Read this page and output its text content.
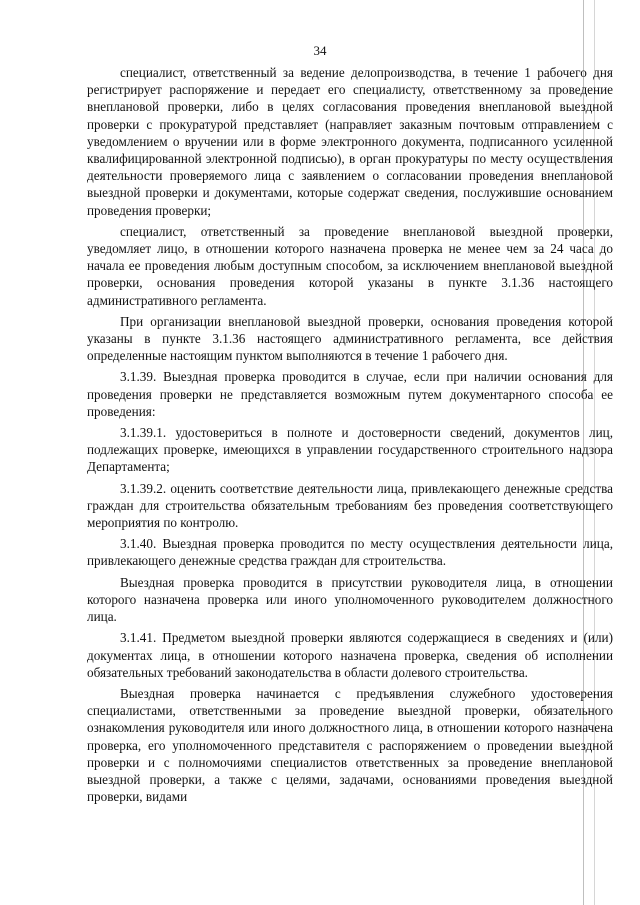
34

специалист, ответственный за ведение делопроизводства, в течение 1 рабочего дня регистрирует распоряжение и передает его специалисту, ответственному за проведение внеплановой проверки, либо в целях согласования проведения внеплановой выездной проверки с прокуратурой представляет (направляет заказным почтовым отправлением с уведомлением о вручении или в форме электронного документа, подписанного усиленной квалифицированной электронной подписью), в орган прокуратуры по месту осуществления деятельности проверяемого лица с заявлением о согласовании проведения внеплановой выездной проверки и документами, которые содержат сведения, послужившие основанием проведения проверки;

специалист, ответственный за проведение внеплановой выездной проверки, уведомляет лицо, в отношении которого назначена проверка не менее чем за 24 часа до начала ее проведения любым доступным способом, за исключением внеплановой выездной проверки, основания проведения которой указаны в пункте 3.1.36 настоящего административного регламента.

При организации внеплановой выездной проверки, основания проведения которой указаны в пункте 3.1.36 настоящего административного регламента, все действия определенные настоящим пунктом выполняются в течение 1 рабочего дня.

3.1.39. Выездная проверка проводится в случае, если при наличии основания для проведения проверки не представляется возможным путем документарного способа ее проведения:

3.1.39.1. удостовериться в полноте и достоверности сведений, документов лиц, подлежащих проверке, имеющихся в управлении государственного строительного надзора Департамента;

3.1.39.2. оценить соответствие деятельности лица, привлекающего денежные средства граждан для строительства обязательным требованиям без проведения соответствующего мероприятия по контролю.

3.1.40. Выездная проверка проводится по месту осуществления деятельности лица, привлекающего денежные средства граждан для строительства.

Выездная проверка проводится в присутствии руководителя лица, в отношении которого назначена проверка или иного уполномоченного руководителем должностного лица.

3.1.41. Предметом выездной проверки являются содержащиеся в сведениях и (или) документах лица, в отношении которого назначена проверка, сведения об исполнении обязательных требований законодательства в области долевого строительства.

Выездная проверка начинается с предъявления служебного удостоверения специалистами, ответственными за проведение выездной проверки, обязательного ознакомления руководителя или иного должностного лица, в отношении которого назначена проверка, его уполномоченного представителя с распоряжением о проведении выездной проверки и с полномочиями специалистов ответственных за проведение внеплановой выездной проверки, а также с целями, задачами, основаниями проведения выездной проверки, видами
